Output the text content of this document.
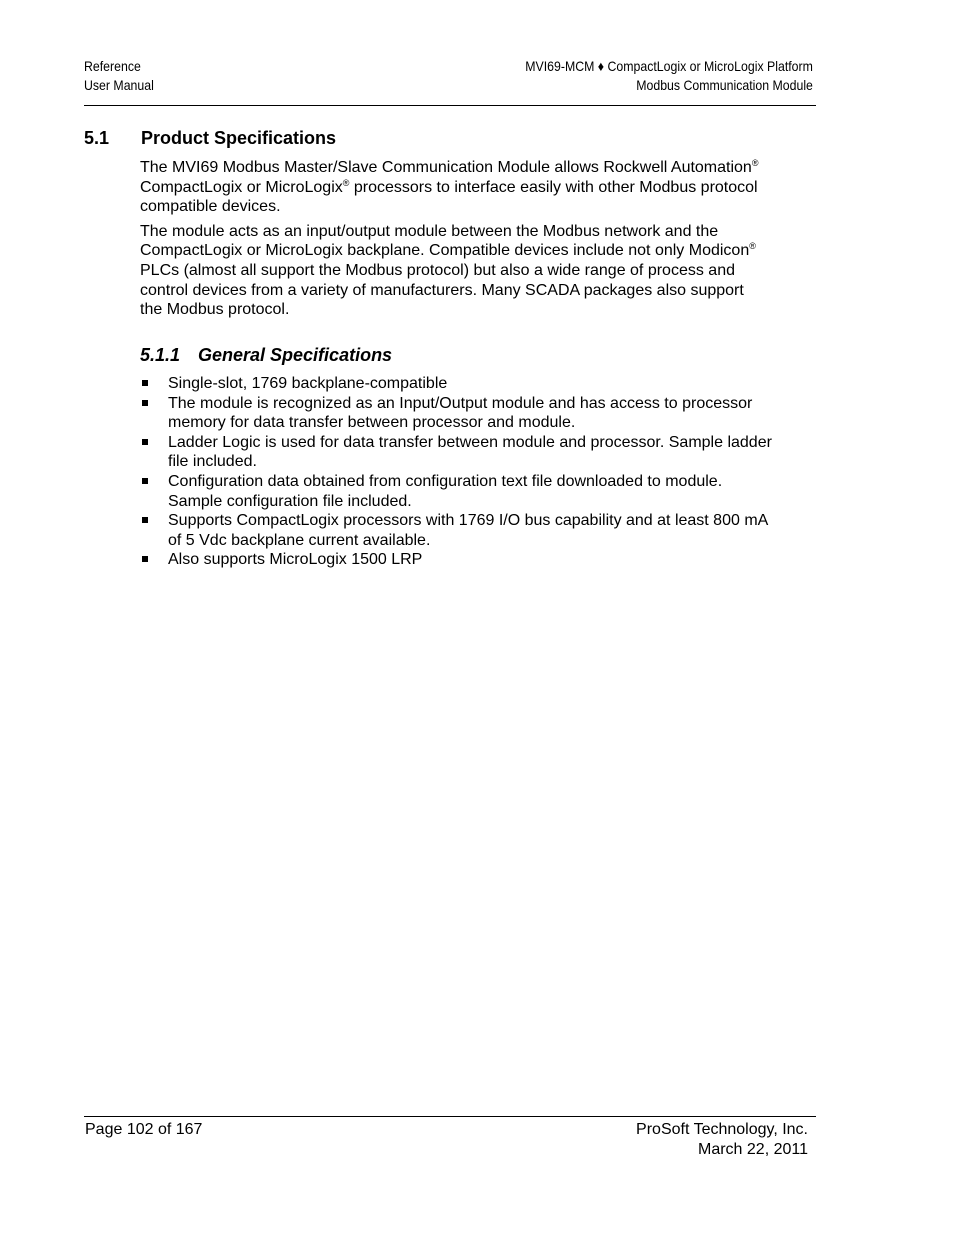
Reference
User Manual
MVI69-MCM ♦ CompactLogix or MicroLogix Platform
Modbus Communication Module
5.1	Product Specifications

The MVI69 Modbus Master/Slave Communication Module allows Rockwell Automation® CompactLogix or MicroLogix® processors to interface easily with other Modbus protocol compatible devices.

The module acts as an input/output module between the Modbus network and the CompactLogix or MicroLogix backplane. Compatible devices include not only Modicon® PLCs (almost all support the Modbus protocol) but also a wide range of process and control devices from a variety of manufacturers. Many SCADA packages also support the Modbus protocol.

5.1.1 General Specifications
Single-slot, 1769 backplane-compatible
The module is recognized as an Input/Output module and has access to processor memory for data transfer between processor and module.
Ladder Logic is used for data transfer between module and processor. Sample ladder file included.
Configuration data obtained from configuration text file downloaded to module. Sample configuration file included.
Supports CompactLogix processors with 1769 I/O bus capability and at least 800 mA of 5 Vdc backplane current available.
Also supports MicroLogix 1500 LRP
Page 102 of 167	ProSoft Technology, Inc.
March 22, 2011
